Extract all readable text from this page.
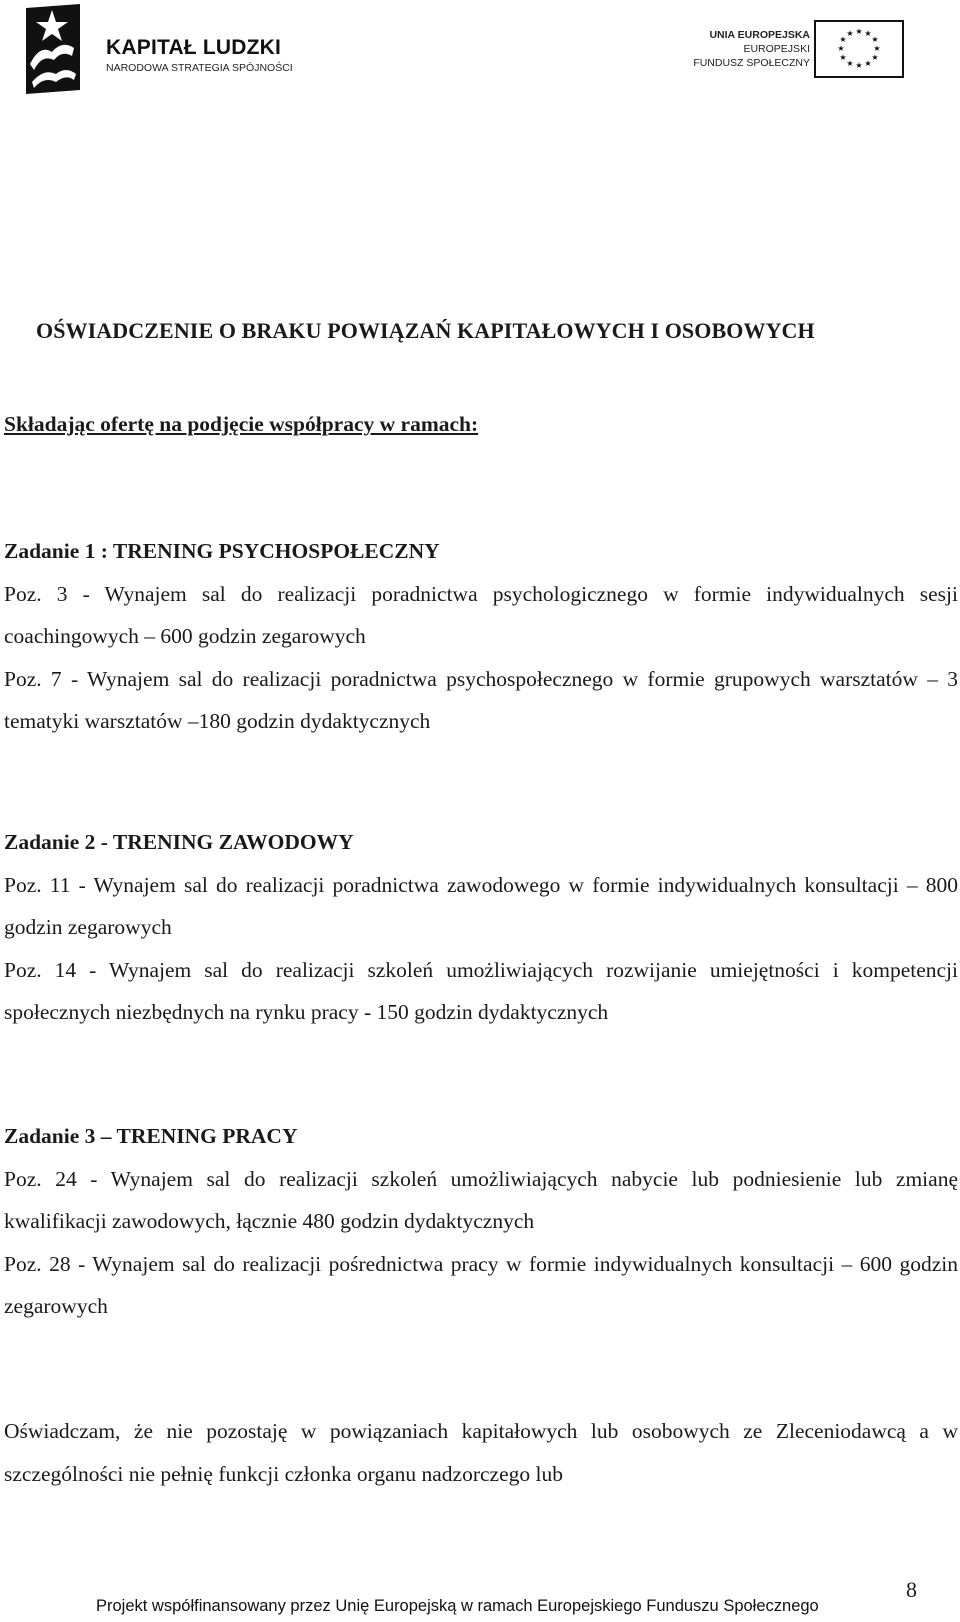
KAPITAŁ LUDZKI
NARODOWA STRATEGIA SPÓJNOŚCI
UNIA EUROPEJSKA
EUROPEJSKI
FUNDUSZ SPOŁECZNY
★ ★
★
★
★
★
★
★
★
★
★
★
OŚWIADCZENIE O BRAKU POWIĄZAŃ KAPITAŁOWYCH I OSOBOWYCH
Składając ofertę na podjęcie współpracy w ramach:
Zadanie 1 : TRENING PSYCHOSPOŁECZNY
Poz. 3 - Wynajem sal do realizacji poradnictwa psychologicznego w formie indywidualnych sesji coachingowych – 600 godzin zegarowych
Poz. 7 - Wynajem sal do realizacji poradnictwa psychospołecznego w formie grupowych warsztatów – 3 tematyki warsztatów –180 godzin dydaktycznych
Zadanie 2 - TRENING ZAWODOWY
Poz. 11 - Wynajem sal do realizacji poradnictwa zawodowego w formie indywidualnych konsultacji – 800 godzin zegarowych
Poz. 14 - Wynajem sal do realizacji szkoleń umożliwiających rozwijanie umiejętności i kompetencji społecznych niezbędnych na rynku pracy - 150 godzin dydaktycznych
Zadanie 3 – TRENING PRACY
Poz. 24 - Wynajem sal do realizacji szkoleń umożliwiających nabycie lub podniesienie lub zmianę kwalifikacji zawodowych, łącznie 480 godzin dydaktycznych
Poz. 28 - Wynajem sal do realizacji pośrednictwa pracy w formie indywidualnych konsultacji – 600 godzin zegarowych
Oświadczam, że nie pozostaję w powiązaniach kapitałowych lub osobowych ze Zleceniodawcą a w szczególności nie pełnię funkcji członka organu nadzorczego lub
8
Projekt współfinansowany przez Unię Europejską w ramach Europejskiego Funduszu Społecznego
